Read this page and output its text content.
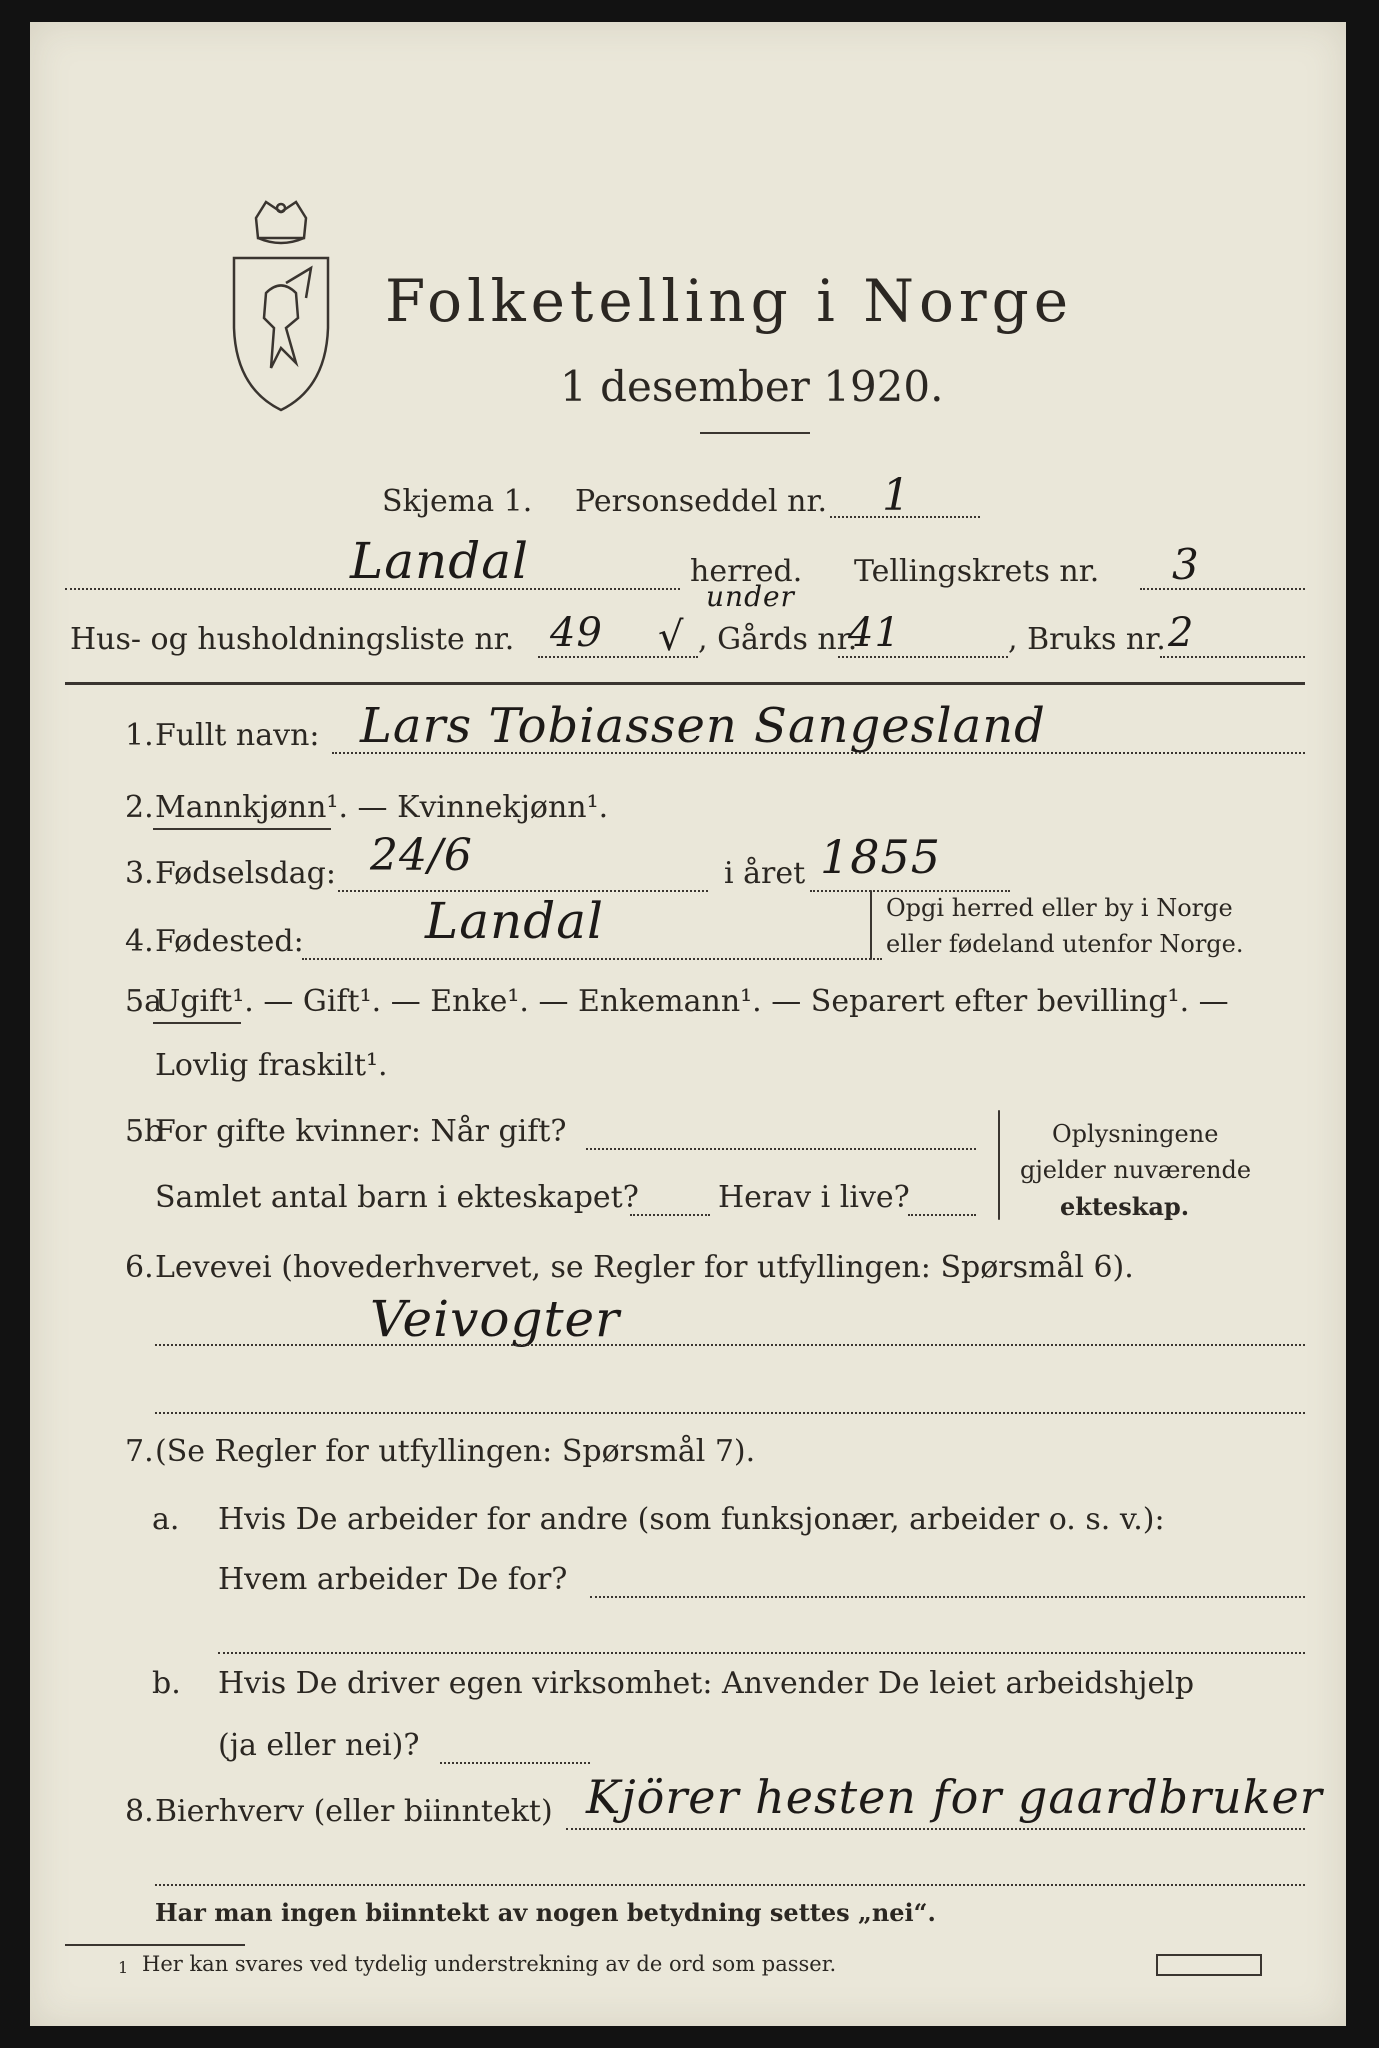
Folketelling i Norge
1 desember 1920.
Skjema 1. Personseddel nr. 1
Landal	herred. Tellingskrets nr. 3
Hus- og husholdningsliste nr. 49 √
under
, Gårds nr.
41	, Bruks nr. 2
1. Fullt navn: Lars Tobiassen Sangesland
2. Mannkjønn¹. — Kvinnekjønn¹.
3. Fødselsdag: 24/6	i året 1855
4. Fødested: Landal	Opgi herred eller by i Norge
eller fødeland utenfor Norge.
5a
Ugift¹. — Gift¹. — Enke¹. — Enkemann¹. — Separert efter bevilling¹. —
Lovlig fraskilt¹.
5b
For gifte kvinner: Når gift?
Samlet antal barn i ekteskapet?	Herav i live?
Oplysningene
gjelder nuværende
ekteskap.
6. Levevei (hovederhvervet, se Regler for utfyllingen: Spørsmål 6).
Veivogter
7. (Se Regler for utfyllingen: Spørsmål 7).
a. Hvis De arbeider for andre (som funksjonær, arbeider o. s. v.):
Hvem arbeider De for?
b. Hvis De driver egen virksomhet: Anvender De leiet arbeidshjelp
(ja eller nei)?
8. Bierhverv (eller biinntekt) Kjörer hesten for gaardbruker
Har man ingen biinntekt av nogen betydning settes „nei“.
1 Her kan svares ved tydelig understrekning av de ord som passer.
